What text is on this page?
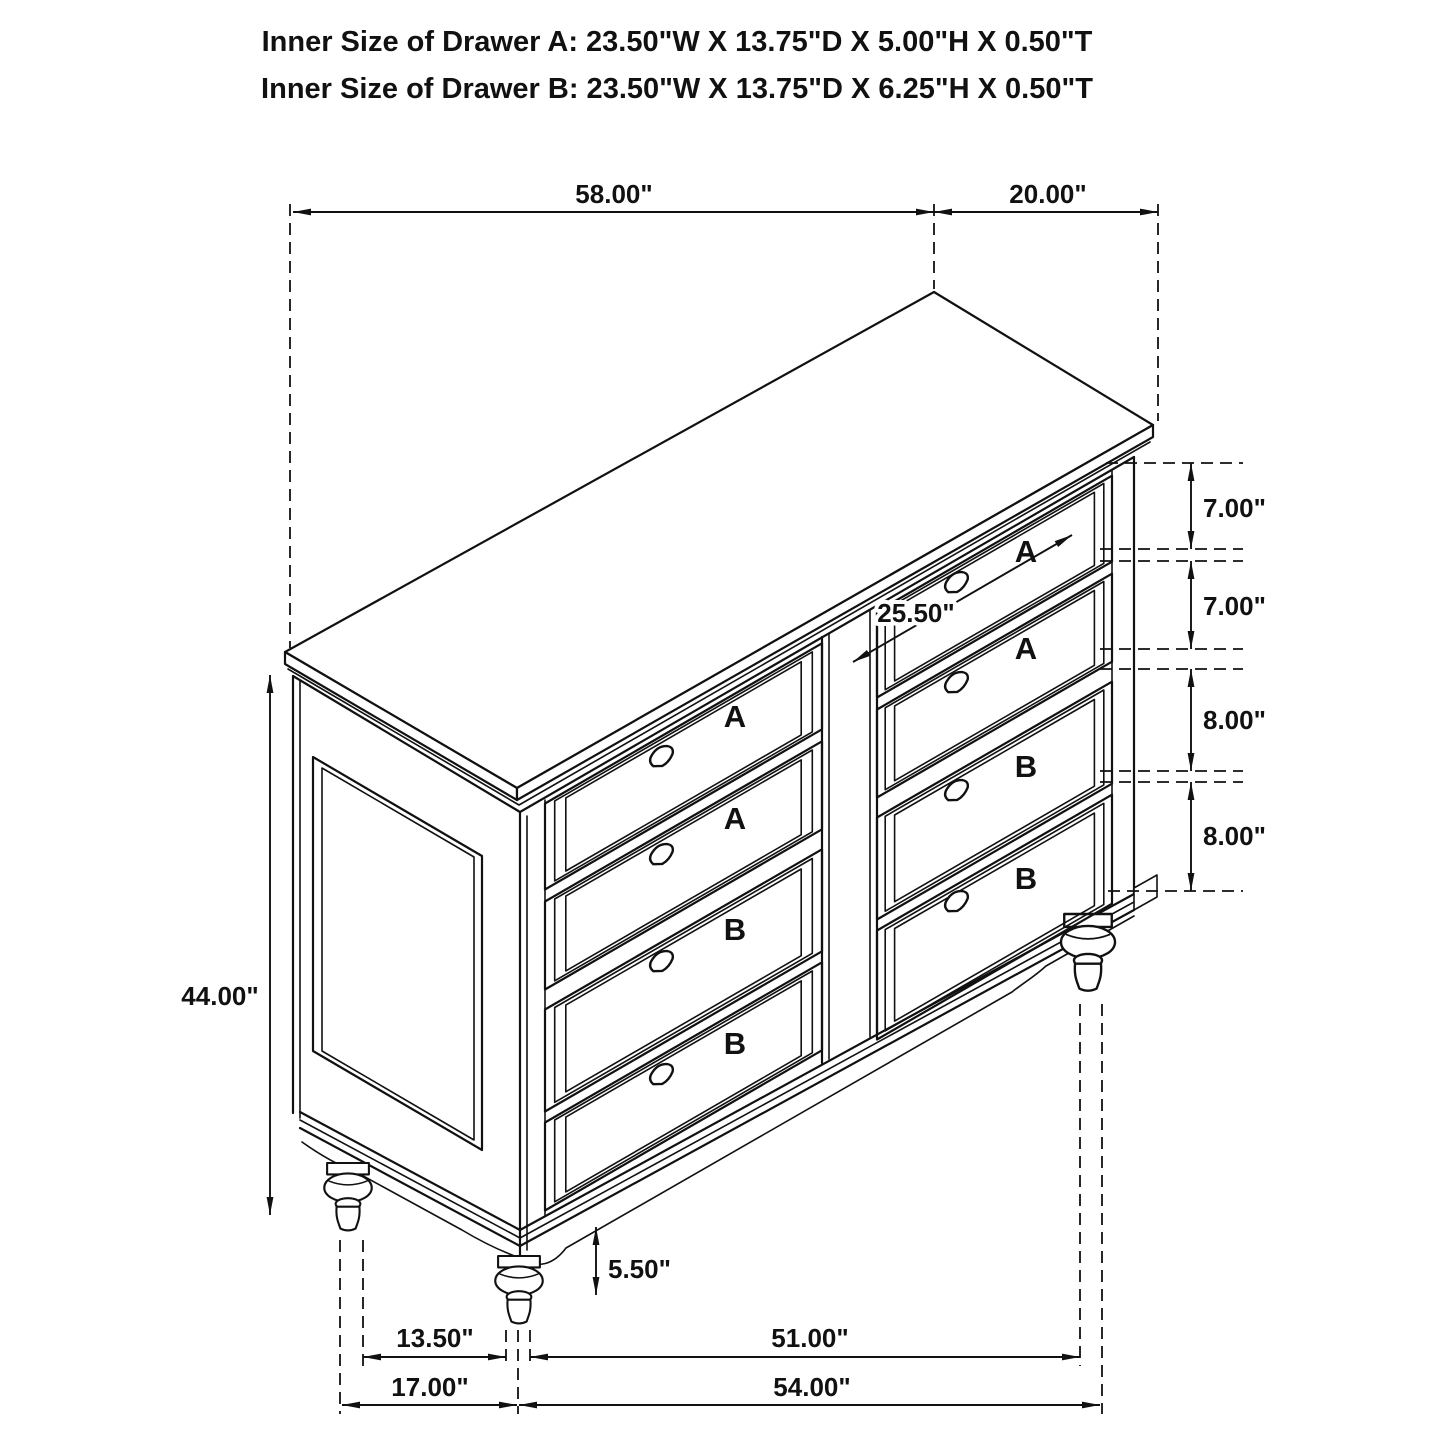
Inner Size of Drawer A: 23.50"W X 13.75"D X 5.00"H X 0.50"T
Inner Size of Drawer B: 23.50"W X 13.75"D X 6.25"H X 0.50"T
A
A
B
B
A
A
B
B
58.00"	20.00"
7.00"
7.00"
8.00"
8.00"
44.00"
25.50"
5.50"
13.50"	51.00"
17.00"	54.00"
